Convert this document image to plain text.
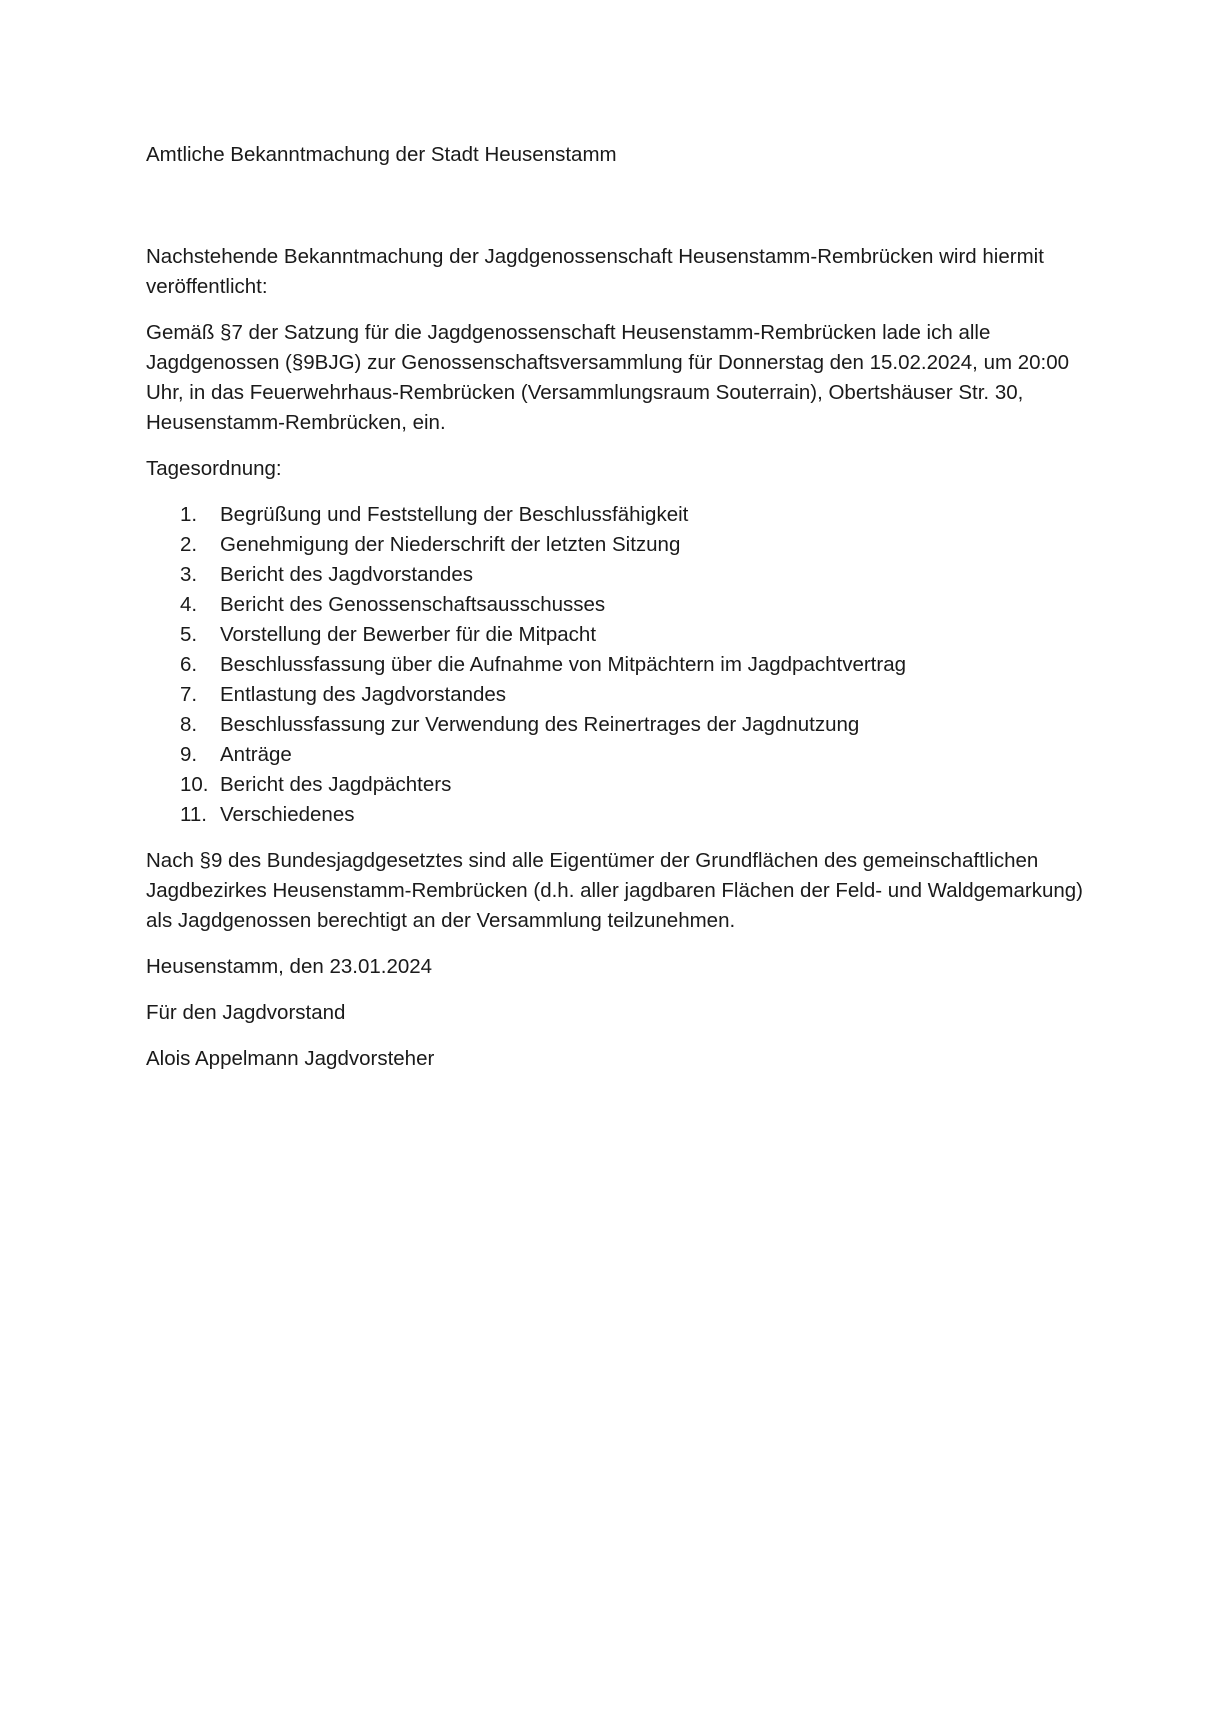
Amtliche Bekanntmachung der Stadt Heusenstamm

Nachstehende Bekanntmachung der Jagdgenossenschaft Heusenstamm-Rembrücken wird hiermit veröffentlicht:

Gemäß §7 der Satzung für die Jagdgenossenschaft Heusenstamm-Rembrücken lade ich alle Jagdgenossen (§9BJG) zur Genossenschaftsversammlung für Donnerstag den 15.02.2024, um 20:00 Uhr, in das Feuerwehrhaus-Rembrücken (Versammlungsraum Souterrain), Obertshäuser Str. 30, Heusenstamm-Rembrücken, ein.

Tagesordnung:

1.	Begrüßung und Feststellung der Beschlussfähigkeit
2.	Genehmigung der Niederschrift der letzten Sitzung
3.	Bericht des Jagdvorstandes
4.	Bericht des Genossenschaftsausschusses
5.	Vorstellung der Bewerber für die Mitpacht
6.	Beschlussfassung über die Aufnahme von Mitpächtern im Jagdpachtvertrag
7.	Entlastung des Jagdvorstandes
8.	Beschlussfassung zur Verwendung des Reinertrages der Jagdnutzung
9.	Anträge
10. Bericht des Jagdpächters
11. Verschiedenes

Nach §9 des Bundesjagdgesetztes sind alle Eigentümer der Grundflächen des gemeinschaftlichen Jagdbezirkes Heusenstamm-Rembrücken (d.h. aller jagdbaren Flächen der Feld- und Waldgemarkung) als Jagdgenossen berechtigt an der Versammlung teilzunehmen.

Heusenstamm, den 23.01.2024

Für den Jagdvorstand

Alois Appelmann Jagdvorsteher
